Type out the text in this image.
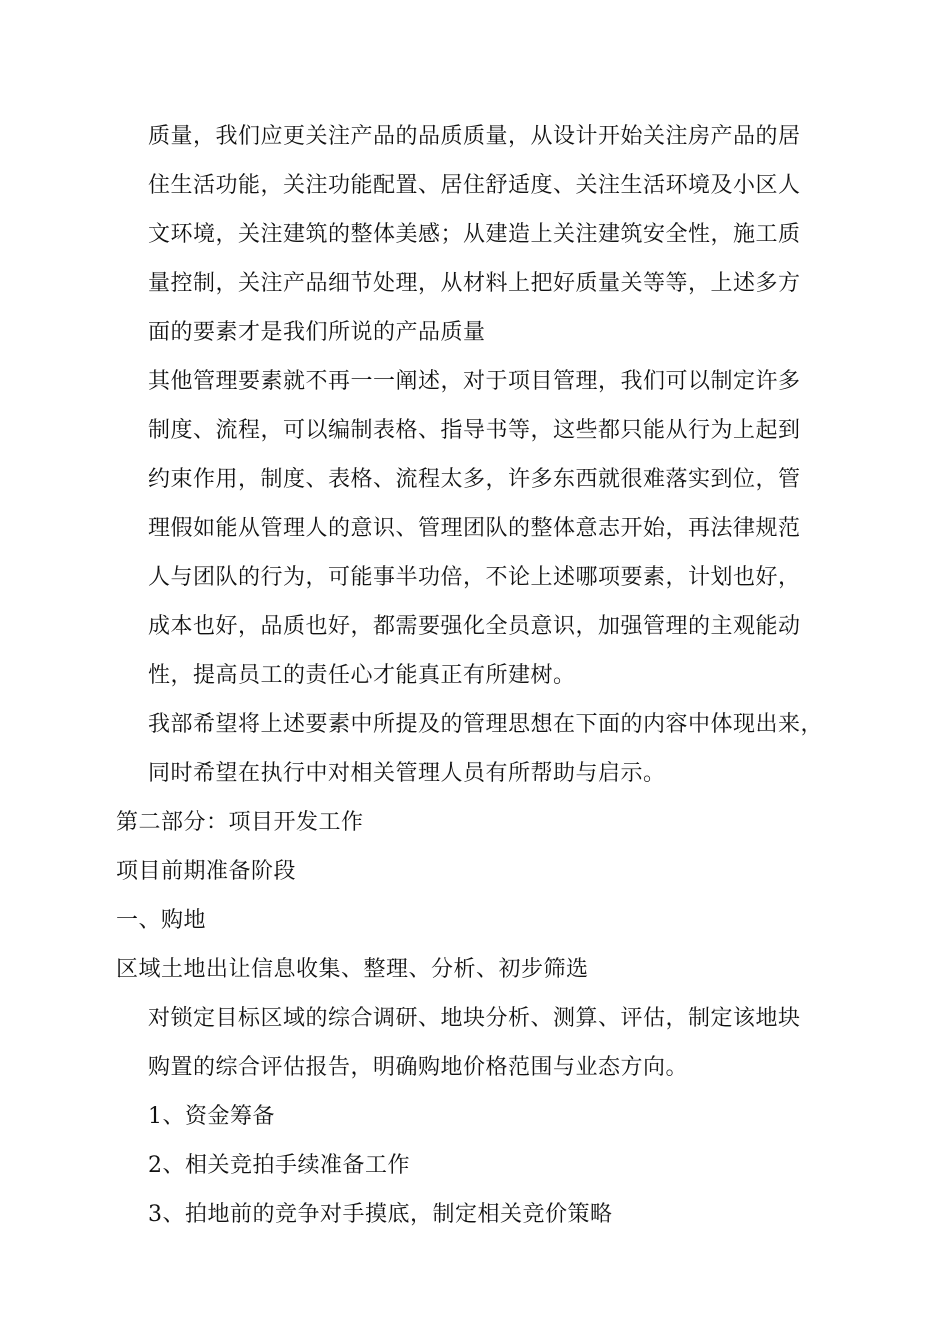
质量，我们应更关注产品的品质质量，从设计开始关注房产品的居
住生活功能，关注功能配置、居住舒适度、关注生活环境及小区人
文环境，关注建筑的整体美感；从建造上关注建筑安全性，施工质
量控制，关注产品细节处理，从材料上把好质量关等等，上述多方
面的要素才是我们所说的产品质量
其他管理要素就不再一一阐述，对于项目管理，我们可以制定许多
制度、流程，可以编制表格、指导书等，这些都只能从行为上起到
约束作用，制度、表格、流程太多，许多东西就很难落实到位，管
理假如能从管理人的意识、管理团队的整体意志开始，再法律规范
人与团队的行为，可能事半功倍，不论上述哪项要素，计划也好，
成本也好，品质也好，都需要强化全员意识，加强管理的主观能动
性，提高员工的责任心才能真正有所建树。
我部希望将上述要素中所提及的管理思想在下面的内容中体现出来，
同时希望在执行中对相关管理人员有所帮助与启示。
第二部分：项目开发工作
项目前期准备阶段
一、购地
区域土地出让信息收集、整理、分析、初步筛选
对锁定目标区域的综合调研、地块分析、测算、评估，制定该地块
购置的综合评估报告，明确购地价格范围与业态方向。
1、资金筹备
2、相关竞拍手续准备工作
3、拍地前的竞争对手摸底，制定相关竞价策略
